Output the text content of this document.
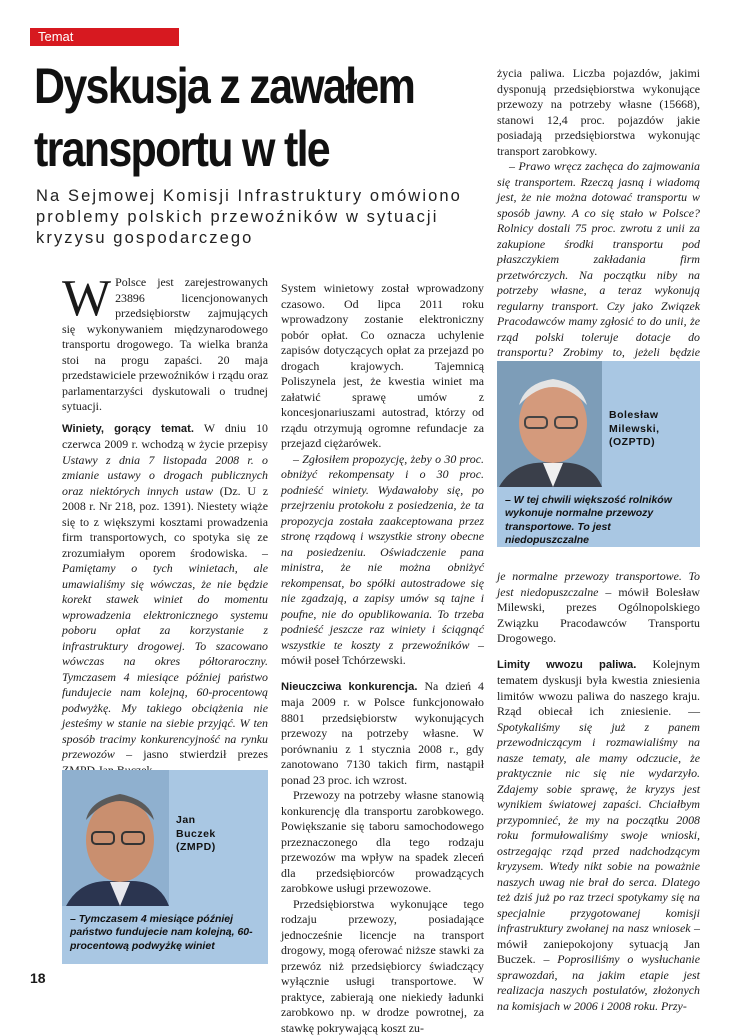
Temat
Dyskusja z zawałem
transportu w tle
Na Sejmowej Komisji Infrastruktury omówiono problemy polskich przewoźników w sytuacji kryzysu gospodarczego

W Polsce jest zarejestrowanych 23896 licencjonowanych przedsiębiorstw zajmujących się wykonywaniem międzynarodowego transportu drogowego. Ta wielka branża stoi na progu zapaści. 20 maja przedstawiciele przewoźników i rządu oraz parlamentarzyści dyskutowali o trudnej sytuacji.

Winiety, gorący temat. W dniu 10 czerwca 2009 r. wchodzą w życie przepisy Ustawy z dnia 7 listopada 2008 r. o zmianie ustawy o drogach publicznych oraz niektórych innych ustaw (Dz. U z 2008 r. Nr 218, poz. 1391). Niestety wiąże się to z większymi kosztami prowadzenia firm transportowych, co spotyka się ze zrozumiałym oporem środowiska. – Pamiętamy o tych winietach, ale umawialiśmy się wówczas, że nie będzie korekt stawek winiet do momentu wprowadzenia elektronicznego systemu poboru opłat za korzystanie z infrastruktury drogowej. To szacowano wówczas na okres półtoraroczny. Tymczasem 4 miesiące później państwo fundujecie nam kolejną, 60-procentową podwyżkę. My takiego obciążenia nie jesteśmy w stanie na siebie przyjąć. W ten sposób tracimy konkurencyjność na rynku przewozów – jasno stwierdził prezes

Jan
Buczek
(ZMPD)
– Tymczasem 4 miesiące później państwo fundujecie nam kolejną, 60-procentową podwyżkę winiet

System winietowy został wprowadzony czasowo. Od lipca 2011 roku wprowadzony zostanie elektroniczny pobór opłat. Co oznacza uchylenie zapisów dotyczących opłat za przejazd po drogach krajowych. Tajemnicą Poliszynela jest, że kwestia winiet ma załatwić sprawę umów z koncesjonariuszami autostrad, którzy od rządu otrzymują ogromne refundacje za przejazd ciężarówek.

– Zgłosiłem propozycję, żeby o 30 proc. obniżyć rekompensaty i o 30 proc. podnieść winiety. Wydawałoby się, po przejrzeniu protokołu z posiedzenia, że ta propozycja została zaakceptowana przez stronę rządową i wszystkie strony obecne na posiedzeniu. Oświadczenie pana ministra, że nie można obniżyć rekompensat, bo spółki autostradowe się nie zgadzają, a zapisy umów są tajne i poufne, nie do opublikowania. To trzeba podnieść jeszcze raz winiety i ściągnąć wszystkie te koszty z przewoźników – mówił poseł Tchórzewski.

Nieuczciwa konkurencja. Na dzień 4 maja 2009 r. w Polsce funkcjonowało 8801 przedsiębiorstw wykonujących przewozy na potrzeby własne. W porównaniu z 1 stycznia 2008 r., gdy zanotowano 7130 takich firm, nastąpił ponad 23 proc. ich wzrost.

Przewozy na potrzeby własne stanowią konkurencję dla transportu zarobkowego. Powiększanie się taboru samochodowego przeznaczonego dla tego rodzaju przewozów ma wpływ na spadek zleceń dla przedsiębiorców prowadzących zarobkowe usługi przewozowe.

Przedsiębiorstwa wykonujące tego rodzaju przewozy, posiadające jednocześnie licencje na transport drogowy, mogą oferować niższe stawki za przewóz niż przedsiębiorcy świadczący wyłącznie usługi transportowe. W praktyce, zabierają one niekiedy ładunki zarobkowo np. w drodze powrotnej, za stawkę pokrywającą koszt zu-

życia paliwa. Liczba pojazdów, jakimi dysponują przedsiębiorstwa wykonujące przewozy na potrzeby własne (15668), stanowi 12,4 proc. pojazdów jakie posiadają przedsiębiorstwa wykonując transport zarobkowy.

– Prawo wręcz zachęca do zajmowania się transportem. Rzeczą jasną i wiadomą jest, że nie można dotować transportu w sposób jawny. A co się stało w Polsce? Rolnicy dostali 75 proc. zwrotu z unii za zakupione środki transportu pod płaszczykiem zakładania firm przetwórczych. Na początku niby na potrzeby własne, a teraz wykonują regularny transport. Czy jako Związek Pracodawców mamy zgłosić to do unii, że rząd polski toleruje dotacje do transportu? Zrobimy to, jeżeli będzie

Bolesław
Milewski,
(OZPTD)
– W tej chwili większość rolników wykonuje normalne przewozy transportowe. To jest niedopuszczalne

je normalne przewozy transportowe. To jest niedopuszczalne – mówił Bolesław Milewski, prezes Ogólnopolskiego Związku Pracodawców Transportu Drogowego.

Limity wwozu paliwa. Kolejnym tematem dyskusji była kwestia zniesienia limitów wwozu paliwa do naszego kraju. Rząd obiecał ich zniesienie. — Spotykaliśmy się już z panem przewodniczącym i rozmawialiśmy na nasze tematy, ale mamy odczucie, że praktycznie nic się nie wydarzyło. Zdajemy sobie sprawę, że kryzys jest wynikiem światowej zapaści. Chciałbym przypomnieć, że my na początku 2008 roku formułowaliśmy swoje wnioski, ostrzegając rząd przed nadchodzącym kryzysem. Wtedy nikt sobie na poważnie naszych uwag nie brał do serca. Dlatego też dziś już po raz trzeci spotykamy się na specjalnie przygotowanej komisji infrastruktury zwołanej na nasz wniosek – mówił zaniepokojony sytuacją Jan Buczek. – Poprosiliśmy o wysłuchanie sprawozdań, na jakim etapie jest realizacja naszych postulatów, złożonych na komisjach w 2006 i 2008 roku. Przy-

18
